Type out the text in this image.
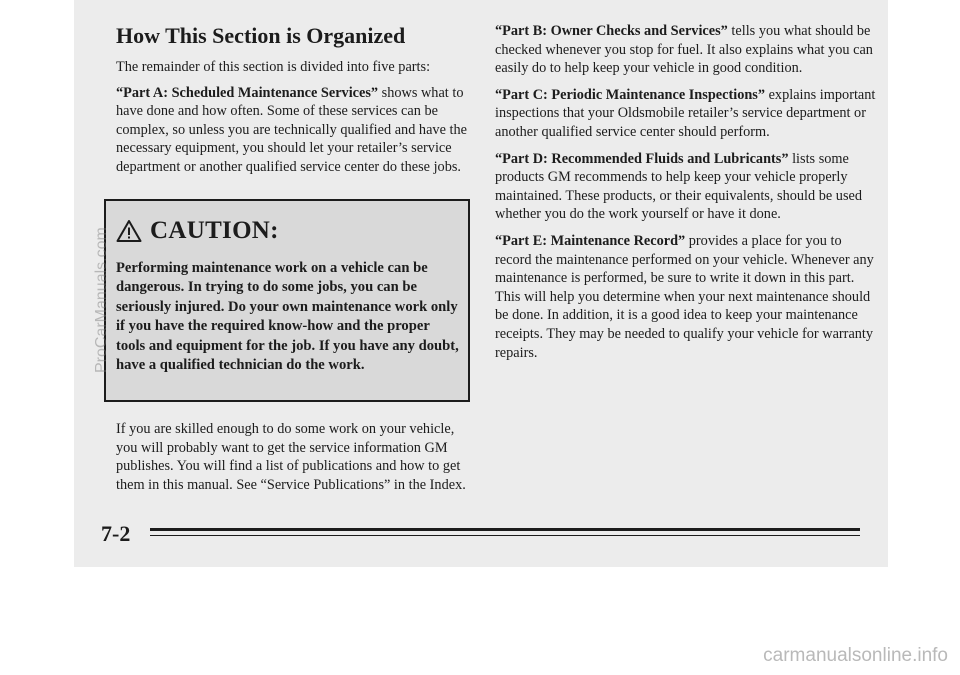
How This Section is Organized

The remainder of this section is divided into five parts:

“Part A: Scheduled Maintenance Services” shows what to have done and how often. Some of these services can be complex, so unless you are technically qualified and have the necessary equipment, you should let your retailer’s service department or another qualified service center do these jobs.

CAUTION:

Performing maintenance work on a vehicle can be dangerous. In trying to do some jobs, you can be seriously injured. Do your own maintenance work only if you have the required know-how and the proper tools and equipment for the job. If you have any doubt, have a qualified technician do the work.

If you are skilled enough to do some work on your vehicle, you will probably want to get the service information GM publishes. You will find a list of publications and how to get them in this manual. See “Service Publications” in the Index.

“Part B: Owner Checks and Services” tells you what should be checked whenever you stop for fuel. It also explains what you can easily do to help keep your vehicle in good condition.

“Part C: Periodic Maintenance Inspections” explains important inspections that your Oldsmobile retailer’s service department or another qualified service center should perform.

“Part D: Recommended Fluids and Lubricants” lists some products GM recommends to help keep your vehicle properly maintained. These products, or their equivalents, should be used whether you do the work yourself or have it done.

“Part E: Maintenance Record” provides a place for you to record the maintenance performed on your vehicle. Whenever any maintenance is performed, be sure to write it down in this part. This will help you determine when your next maintenance should be done. In addition, it is a good idea to keep your maintenance receipts. They may be needed to qualify your vehicle for warranty repairs.

7-2
ProCarManuals.com
carmanualsonline.info
